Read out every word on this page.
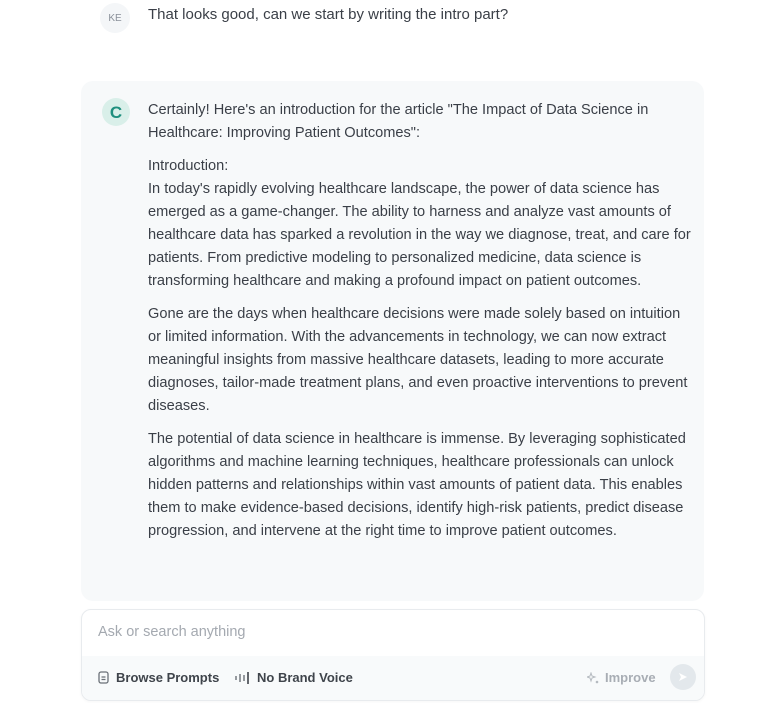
KE	That looks good, can we start by writing the intro part?
C Certainly! Here's an introduction for the article "The Impact of Data Science in Healthcare: Improving Patient Outcomes":

Introduction:

In today's rapidly evolving healthcare landscape, the power of data science has emerged as a game-changer. The ability to harness and analyze vast amounts of healthcare data has sparked a revolution in the way we diagnose, treat, and care for patients. From predictive modeling to personalized medicine, data science is transforming healthcare and making a profound impact on patient outcomes.

Gone are the days when healthcare decisions were made solely based on intuition or limited information. With the advancements in technology, we can now extract meaningful insights from massive healthcare datasets, leading to more accurate diagnoses, tailor-made treatment plans, and even proactive interventions to prevent diseases.

The potential of data science in healthcare is immense. By leveraging sophisticated algorithms and machine learning techniques, healthcare professionals can unlock hidden patterns and relationships within vast amounts of patient data. This enables them to make evidence-based decisions, identify high-risk patients, predict disease progression, and intervene at the right time to improve patient outcomes.

Ask or search anything
Browse Prompts	No Brand Voice	Improve
